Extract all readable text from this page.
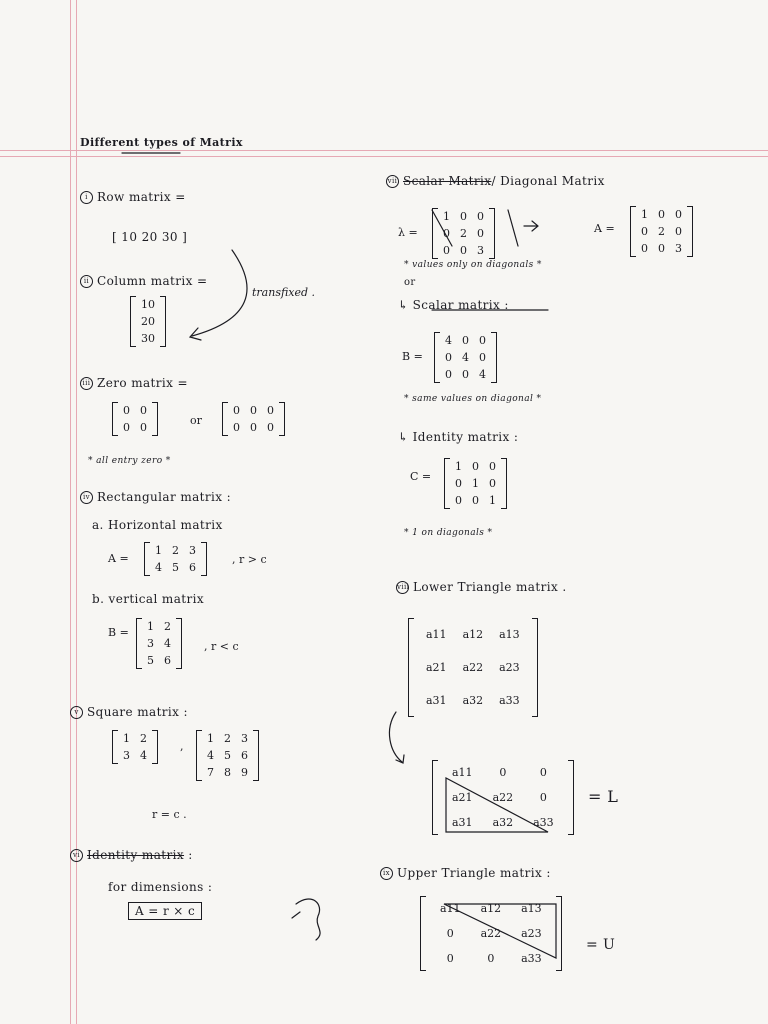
Different types of Matrix
i Row matrix =
[ 10 20 30 ]
ii Column matrix =
10
20
30
transfixed .
iii Zero matrix =
0	0
0	0
or
0	0	0
0	0	0
* all entry zero *
iv Rectangular matrix :
a. Horizontal matrix
A =
1	2	3
4	5	6
, r > c
b. vertical matrix
B = 1	2
3	4
5	6
, r < c
v Square matrix :
1	2
3	4
,
1	2	3
4	5	6
7	8	9
r = c .
vi Identity matrix :
for dimensions :
A = r × c
vii Scalar Matrix/ Diagonal Matrix
λ =
1	0	0
0	2	0
0	0	3
A =
1	0	0
0	2	0
0	0	3
* values only on diagonals *
or
↳ Scalar matrix :
B =
4	0	0
0	4	0
0	0	4
* same values on diagonal *
↳ Identity matrix :
C =
1	0	0
0	1	0
0	0	1
* 1 on diagonals *
viii Lower Triangle matrix .
a11	a12	a13
a21	a22	a23
a31	a32	a33
a11	0	0
a21	a22	0
a31	a32	a33
= L
ix Upper Triangle matrix :
a11	a12	a13
0	a22	a23
0	0	a33
= U
